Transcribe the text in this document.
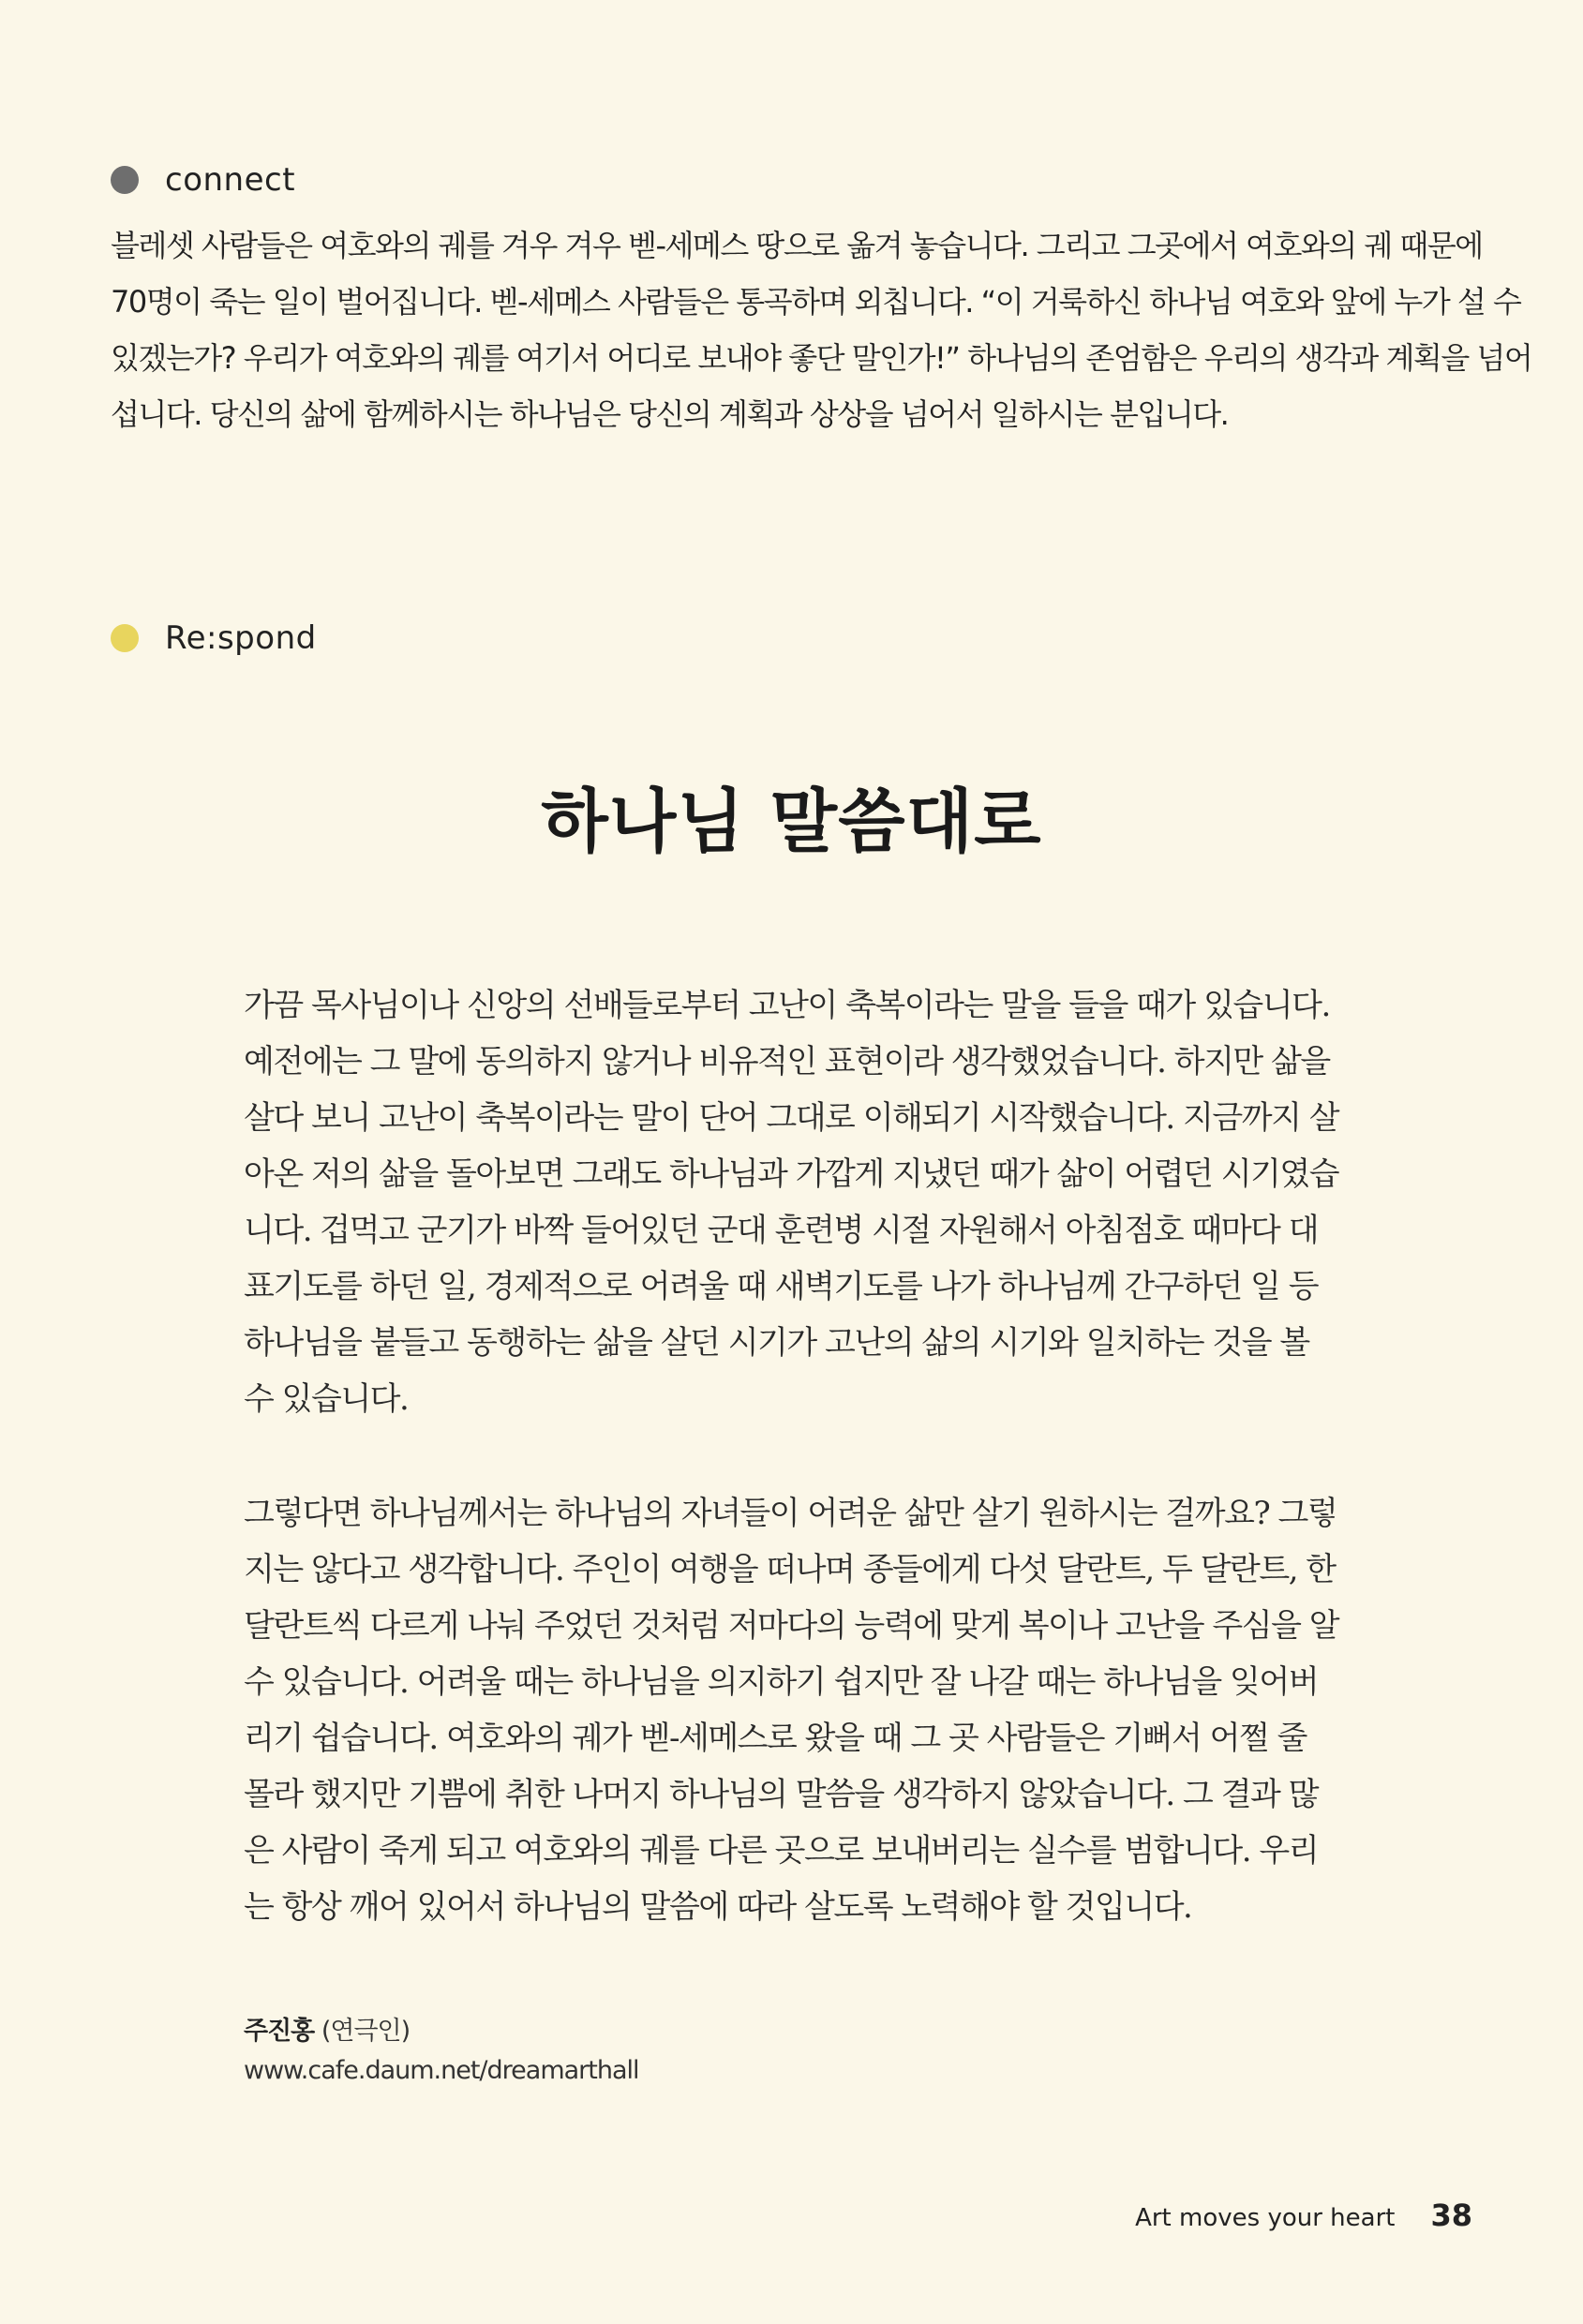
connect

블레셋 사람들은 여호와의 궤를 겨우 겨우 벧-세메스 땅으로 옮겨 놓습니다. 그리고 그곳에서 여호와의 궤 때문에
70명이 죽는 일이 벌어집니다. 벧-세메스 사람들은 통곡하며 외칩니다. “이 거룩하신 하나님 여호와 앞에 누가 설 수
있겠는가? 우리가 여호와의 궤를 여기서 어디로 보내야 좋단 말인가!” 하나님의 존엄함은 우리의 생각과 계획을 넘어
섭니다. 당신의 삶에 함께하시는 하나님은 당신의 계획과 상상을 넘어서 일하시는 분입니다.

Re:spond
하나님 말씀대로

가끔 목사님이나 신앙의 선배들로부터 고난이 축복이라는 말을 들을 때가 있습니다.
예전에는 그 말에 동의하지 않거나 비유적인 표현이라 생각했었습니다. 하지만 삶을
살다 보니 고난이 축복이라는 말이 단어 그대로 이해되기 시작했습니다. 지금까지 살
아온 저의 삶을 돌아보면 그래도 하나님과 가깝게 지냈던 때가 삶이 어렵던 시기였습
니다. 겁먹고 군기가 바짝 들어있던 군대 훈련병 시절 자원해서 아침점호 때마다 대
표기도를 하던 일, 경제적으로 어려울 때 새벽기도를 나가 하나님께 간구하던 일 등
하나님을 붙들고 동행하는 삶을 살던 시기가 고난의 삶의 시기와 일치하는 것을 볼
수 있습니다.

그렇다면 하나님께서는 하나님의 자녀들이 어려운 삶만 살기 원하시는 걸까요? 그렇
지는 않다고 생각합니다. 주인이 여행을 떠나며 종들에게 다섯 달란트, 두 달란트, 한
달란트씩 다르게 나눠 주었던 것처럼 저마다의 능력에 맞게 복이나 고난을 주심을 알
수 있습니다. 어려울 때는 하나님을 의지하기 쉽지만 잘 나갈 때는 하나님을 잊어버
리기 쉽습니다. 여호와의 궤가 벧-세메스로 왔을 때 그 곳 사람들은 기뻐서 어쩔 줄
몰라 했지만 기쁨에 취한 나머지 하나님의 말씀을 생각하지 않았습니다. 그 결과 많
은 사람이 죽게 되고 여호와의 궤를 다른 곳으로 보내버리는 실수를 범합니다. 우리
는 항상 깨어 있어서 하나님의 말씀에 따라 살도록 노력해야 할 것입니다.

주진홍 (연극인)
www.cafe.daum.net/dreamarthall
Art moves your heart 38
